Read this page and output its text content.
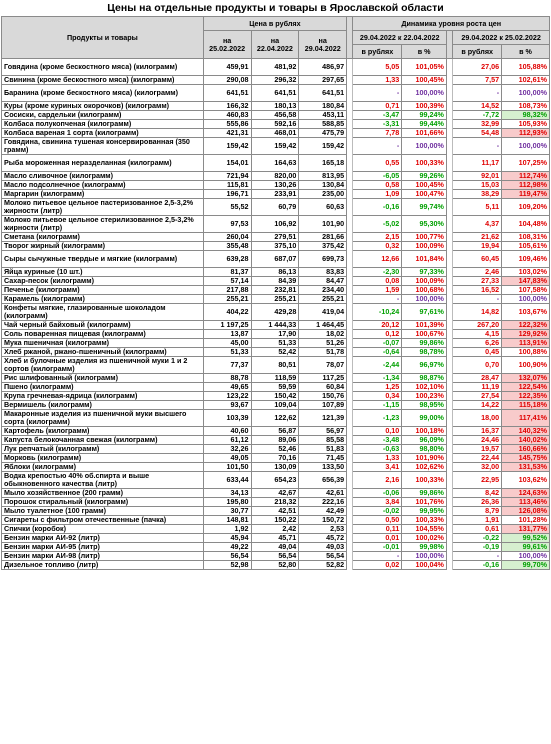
Цены на отдельные продукты и товары в Ярославской области
Продукты и товары	Цена в рублях				Динамика уровня роста цен				
	на 25.02.2022	на 22.04.2022	на 29.04.2022		29.04.2022 к 22.04.2022			29.04.2022 к 25.02.2022	
					в рублях	в %		в рублях	в %
Говядина (кроме бескостного мяса) (килограмм)	459,91	481,92	486,97		5,05	101,05%		27,06	105,88%
Свинина (кроме бескостного мяса) (килограмм)	290,08	296,32	297,65		1,33	100,45%		7,57	102,61%
Баранина (кроме бескостного мяса) (килограмм)	641,51	641,51	641,51		-	100,00%		-	100,00%
Куры (кроме куриных окорочков) (килограмм)	166,32	180,13	180,84		0,71	100,39%		14,52	108,73%
Сосиски, сардельки (килограмм)	460,83	456,58	453,11		-3,47	99,24%		-7,72	98,32%
Колбаса полукопченая (килограмм)	555,86	592,16	588,85		-3,31	99,44%		32,99	105,93%
Колбаса вареная 1 сорта (килограмм)	421,31	468,01	475,79		7,78	101,66%		54,48	112,93%
Говядина, свинина тушеная консервированная (350 грамм)	159,42	159,42	159,42		-	100,00%		-	100,00%
Рыба мороженная неразделанная (килограмм)	154,01	164,63	165,18		0,55	100,33%		11,17	107,25%
Масло сливочное (килограмм)	721,94	820,00	813,95		-6,05	99,26%		92,01	112,74%
Масло подсолнечное (килограмм)	115,81	130,26	130,84		0,58	100,45%		15,03	112,98%
Маргарин (килограмм)	196,71	233,91	235,00		1,09	100,47%		38,29	119,47%
Молоко питьевое цельное пастеризованное 2,5-3,2% жирности (литр)	55,52	60,79	60,63		-0,16	99,74%		5,11	109,20%
Молоко питьевое цельное стерилизованное 2,5-3,2% жирности (литр)	97,53	106,92	101,90		-5,02	95,30%		4,37	104,48%
Сметана (килограмм)	260,04	279,51	281,66		2,15	100,77%		21,62	108,31%
Творог жирный (килограмм)	355,48	375,10	375,42		0,32	100,09%		19,94	105,61%
Сыры сычужные твердые и мягкие (килограмм)	639,28	687,07	699,73		12,66	101,84%		60,45	109,46%
Яйца куриные (10 шт.)	81,37	86,13	83,83		-2,30	97,33%		2,46	103,02%
Сахар-песок (килограмм)	57,14	84,39	84,47		0,08	100,09%		27,33	147,83%
Печенье (килограмм)	217,88	232,81	234,40		1,59	100,68%		16,52	107,58%
Карамель (килограмм)	255,21	255,21	255,21		-	100,00%		-	100,00%
Конфеты мягкие, глазированные шоколадом (килограмм)	404,22	429,28	419,04		-10,24	97,61%		14,82	103,67%
Чай черный байховый (килограмм)	1 197,25	1 444,33	1 464,45		20,12	101,39%		267,20	122,32%
Соль поваренная пищевая (килограмм)	13,87	17,90	18,02		0,12	100,67%		4,15	129,92%
Мука пшеничная (килограмм)	45,00	51,33	51,26		-0,07	99,86%		6,26	113,91%
Хлеб ржаной, ржано-пшеничный (килограмм)	51,33	52,42	51,78		-0,64	98,78%		0,45	100,88%
Хлеб и булочные изделия из пшеничной муки 1 и 2 сортов (килограмм)	77,37	80,51	78,07		-2,44	96,97%		0,70	100,90%
Рис шлифованный (килограмм)	88,78	118,59	117,25		-1,34	98,87%		28,47	132,07%
Пшено (килограмм)	49,65	59,59	60,84		1,25	102,10%		11,19	122,54%
Крупа гречневая-ядрица (килограмм)	123,22	150,42	150,76		0,34	100,23%		27,54	122,35%
Вермишель (килограмм)	93,67	109,04	107,89		-1,15	98,95%		14,22	115,18%
Макаронные изделия из пшеничной муки высшего сорта (килограмм)	103,39	122,62	121,39		-1,23	99,00%		18,00	117,41%
Картофель (килограмм)	40,60	56,87	56,97		0,10	100,18%		16,37	140,32%
Капуста белокочанная свежая (килограмм)	61,12	89,06	85,58		-3,48	96,09%		24,46	140,02%
Лук репчатый (килограмм)	32,26	52,46	51,83		-0,63	98,80%		19,57	160,66%
Морковь (килограмм)	49,05	70,16	71,45		1,33	101,90%		22,44	145,75%
Яблоки (килограмм)	101,50	130,09	133,50		3,41	102,62%		32,00	131,53%
Водка крепостью 40% об.спирта и выше обыкновенного качества (литр)	633,44	654,23	656,39		2,16	100,33%		22,95	103,62%
Мыло хозяйственное (200 грамм)	34,13	42,67	42,61		-0,06	99,86%		8,42	124,63%
Порошок стиральный (килограмм)	195,80	218,32	222,16		3,84	101,76%		26,36	113,46%
Мыло туалетное (100 грамм)	30,77	42,51	42,49		-0,02	99,95%		8,79	126,08%
Сигареты с фильтром отечественные (пачка)	148,81	150,22	150,72		0,50	100,33%		1,91	101,28%
Спички (коробок)	1,92	2,42	2,53		0,11	104,55%		0,61	131,77%
Бензин марки АИ-92 (литр)	45,94	45,71	45,72		0,01	100,02%		-0,22	99,52%
Бензин марки АИ-95 (литр)	49,22	49,04	49,03		-0,01	99,98%		-0,19	99,61%
Бензин марки АИ-98 (литр)	56,54	56,54	56,54		-	100,00%		-	100,00%
Дизельное топливо (литр)	52,98	52,80	52,82		0,02	100,04%		-0,16	99,70%
